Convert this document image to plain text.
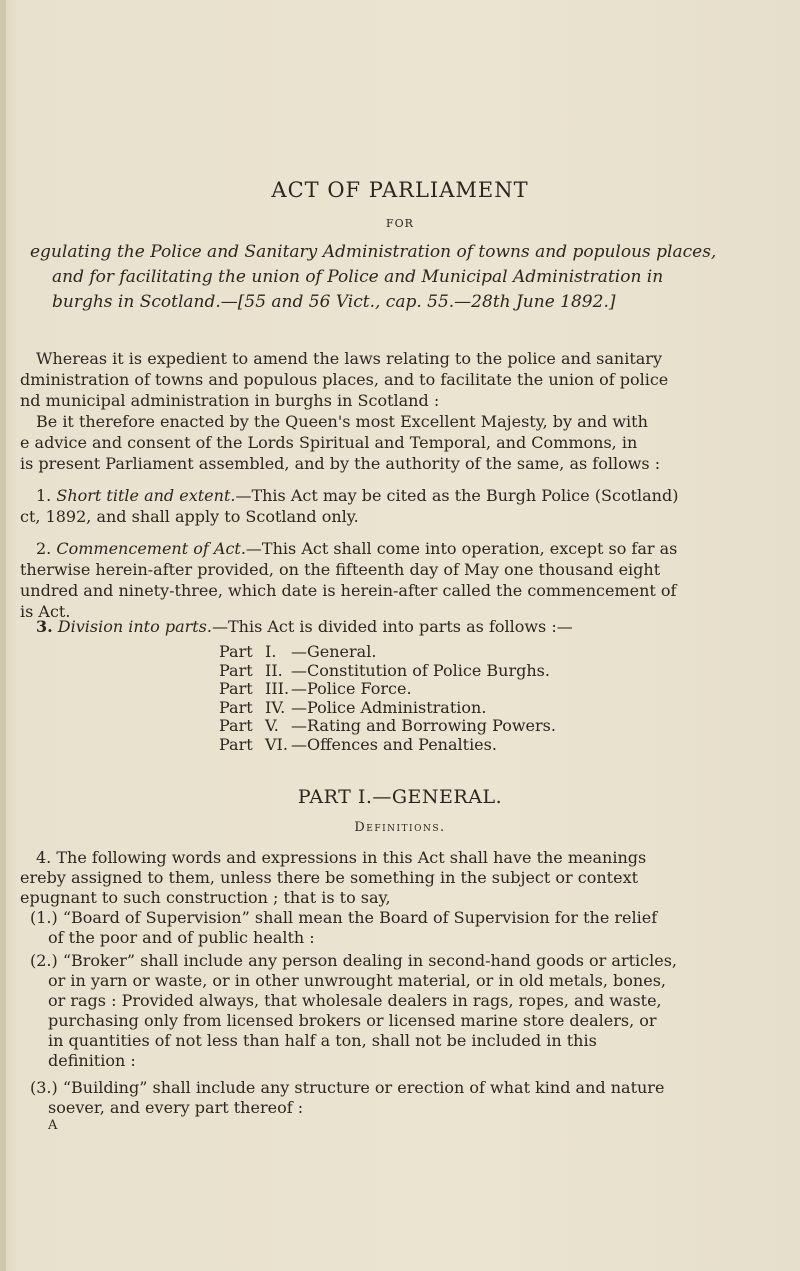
ACT OF PARLIAMENT
FOR
egulating the Police and Sanitary Administration of towns and populous places,
and for facilitating the union of Police and Municipal Administration in
burghs in Scotland.—[55 and 56 Vict., cap. 55.—28th June 1892.]
Whereas it is expedient to amend the laws relating to the police and sanitary
dministration of towns and populous places, and to facilitate the union of police
nd municipal administration in burghs in Scotland :
Be it therefore enacted by the Queen's most Excellent Majesty, by and with
e advice and consent of the Lords Spiritual and Temporal, and Commons, in
is present Parliament assembled, and by the authority of the same, as follows :
1. Short title and extent.—This Act may be cited as the Burgh Police (Scotland)
ct, 1892, and shall apply to Scotland only.
2. Commencement of Act.—This Act shall come into operation, except so far as
therwise herein-after provided, on the fifteenth day of May one thousand eight
undred and ninety-three, which date is herein-after called the commencement of
is Act.
3. Division into parts.—This Act is divided into parts as follows :—
Part I. —General.
Part II. —Constitution of Police Burghs.
Part III. —Police Force.
Part IV. —Police Administration.
Part V. —Rating and Borrowing Powers.
Part VI. —Offences and Penalties.
PART I.—GENERAL.
Definitions.
4. The following words and expressions in this Act shall have the meanings
ereby assigned to them, unless there be something in the subject or context
epugnant to such construction ; that is to say,
(1.) “Board of Supervision” shall mean the Board of Supervision for the relief
of the poor and of public health :
(2.) “Broker” shall include any person dealing in second-hand goods or articles,
or in yarn or waste, or in other unwrought material, or in old metals, bones,
or rags : Provided always, that wholesale dealers in rags, ropes, and waste,
purchasing only from licensed brokers or licensed marine store dealers, or
in quantities of not less than half a ton, shall not be included in this
definition :
(3.) “Building” shall include any structure or erection of what kind and nature
soever, and every part thereof :
A
